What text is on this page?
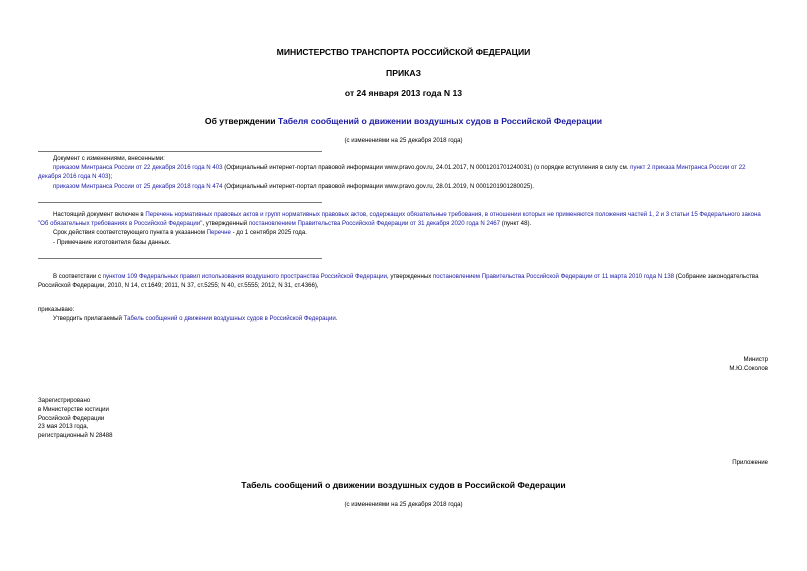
МИНИСТЕРСТВО ТРАНСПОРТА РОССИЙСКОЙ ФЕДЕРАЦИИ
ПРИКАЗ
от 24 января 2013 года N 13
Об утверждении Табеля сообщений о движении воздушных судов в Российской Федерации
(с изменениями на 25 декабря 2018 года)

Документ с изменениями, внесенными:

приказом Минтранса России от 22 декабря 2016 года N 403 (Официальный интернет-портал правовой информации www.pravo.gov.ru, 24.01.2017, N 0001201701240031) (о порядке вступления в силу см. пункт 2 приказа Минтранса России от 22 декабря 2016 года N 403);

приказом Минтранса России от 25 декабря 2018 года N 474 (Официальный интернет-портал правовой информации www.pravo.gov.ru, 28.01.2019, N 0001201901280025).

Настоящий документ включен в Перечень нормативных правовых актов и групп нормативных правовых актов, содержащих обязательные требования, в отношении которых не применяются положения частей 1, 2 и 3 статьи 15 Федерального закона "Об обязательных требованиях в Российской Федерации", утвержденный постановлением Правительства Российской Федерации от 31 декабря 2020 года N 2467 (пункт 48).

Срок действия соответствующего пункта в указанном Перечне - до 1 сентября 2025 года.

- Примечание изготовителя базы данных.

В соответствии с пунктом 109 Федеральных правил использования воздушного пространства Российской Федерации, утвержденных постановлением Правительства Российской Федерации от 11 марта 2010 года N 138 (Собрание законодательства Российской Федерации, 2010, N 14, ст.1649; 2011, N 37, ст.5255; N 40, ст.5555; 2012, N 31, ст.4366),

приказываю:

Утвердить прилагаемый Табель сообщений о движении воздушных судов в Российской Федерации.

Министр

М.Ю.Соколов

Зарегистрировано

в Министерстве юстиции

Российской Федерации

23 мая 2013 года,

регистрационный N 28488

Приложение
Табель сообщений о движении воздушных судов в Российской Федерации
(с изменениями на 25 декабря 2018 года)
